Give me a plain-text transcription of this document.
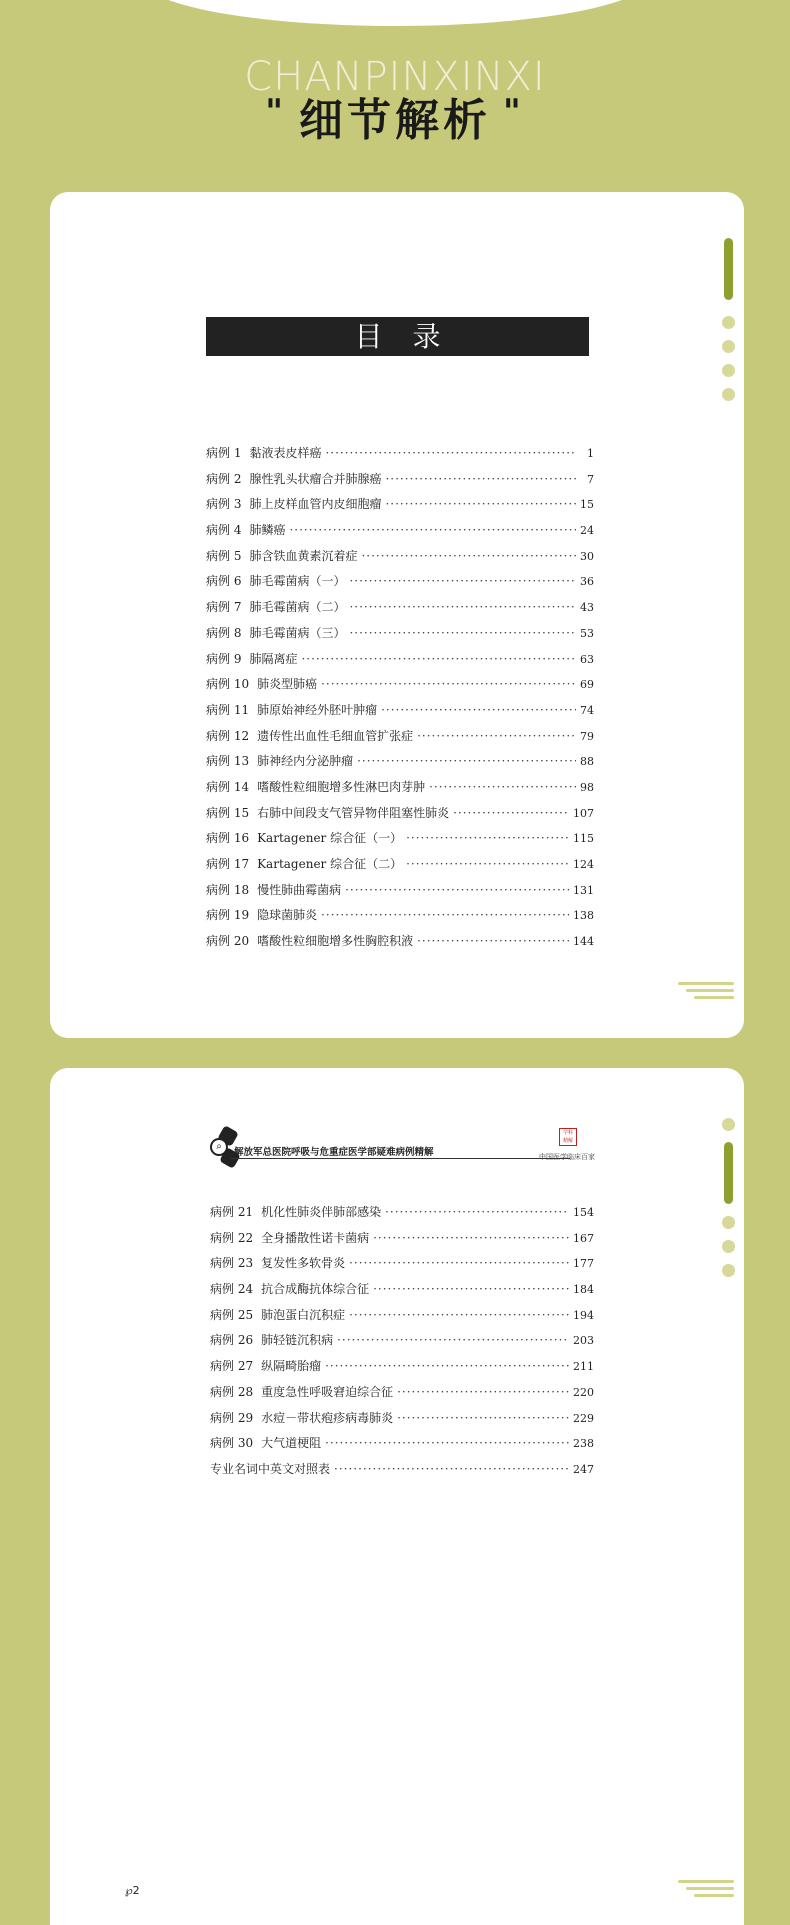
CHANPINXINXI
" 细节解析 "
目录
病例 1 黏液表皮样癌 ·····	1
病例 2 腺性乳头状瘤合并肺腺癌 ·····	7
病例 3 肺上皮样血管内皮细胞瘤 ·····	15
病例 4 肺鳞癌 ·····	24
病例 5 肺含铁血黄素沉着症 ·····	30
病例 6 肺毛霉菌病（一） ·····	36
病例 7 肺毛霉菌病（二） ·····	43
病例 8 肺毛霉菌病（三） ·····	53
病例 9 肺隔离症 ·····	63
病例 10 肺炎型肺癌 ·····	69
病例 11 肺原始神经外胚叶肿瘤 ·····	74
病例 12 遗传性出血性毛细血管扩张症 ·····	79
病例 13 肺神经内分泌肿瘤 ·····	88
病例 14 嗜酸性粒细胞增多性淋巴肉芽肿 ·····	98
病例 15 右肺中间段支气管异物伴阻塞性肺炎 ·····	107
病例 16 Kartagener 综合征（一） ·····	115
病例 17 Kartagener 综合征（二） ·····	124
病例 18 慢性肺曲霉菌病 ·····	131
病例 19 隐球菌肺炎 ·····	138
病例 20 嗜酸性粒细胞增多性胸腔积液 ·····	144
⌕
解放军总医院呼吸与危重症医学部疑难病例精解
学科 精解
中国医学临床百家
病例 21 机化性肺炎伴肺部感染 ·····	154
病例 22 全身播散性诺卡菌病 ·····	167
病例 23 复发性多软骨炎 ·····	177
病例 24 抗合成酶抗体综合征 ·····	184
病例 25 肺泡蛋白沉积症 ·····	194
病例 26 肺轻链沉积病 ·····	203
病例 27 纵隔畸胎瘤 ·····	211
病例 28 重度急性呼吸窘迫综合征 ·····	220
病例 29 水痘－带状疱疹病毒肺炎 ·····	229
病例 30 大气道梗阻 ·····	238
专业名词中英文对照表 ·····	247
℘2
